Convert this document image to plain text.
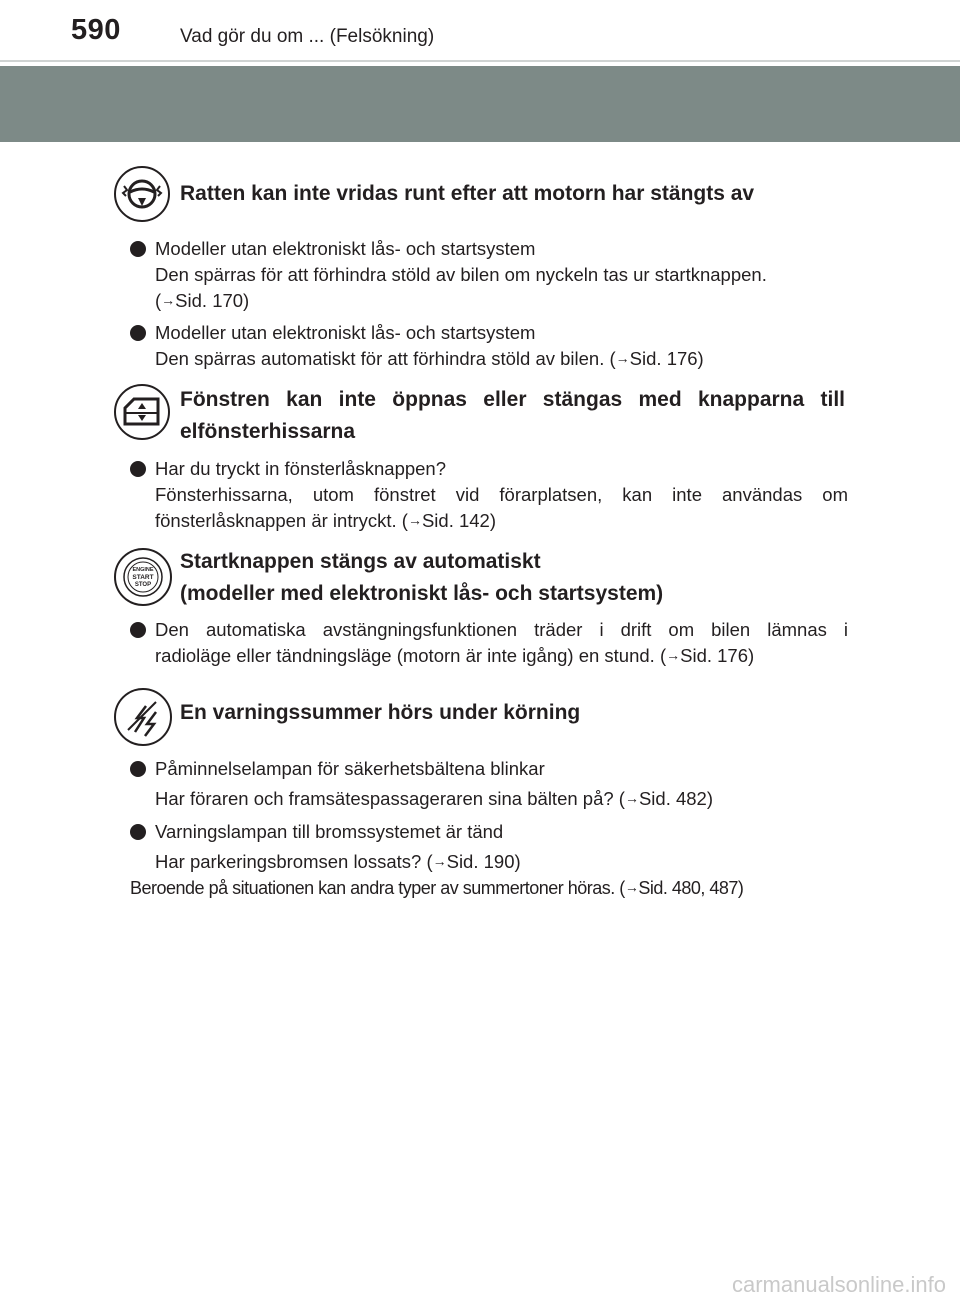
590	Vad gör du om ... (Felsökning)
Ratten kan inte vridas runt efter att motorn har stängts av
Modeller utan elektroniskt lås- och startsystem
Den spärras för att förhindra stöld av bilen om nyckeln tas ur startknappen.
(→Sid. 170)
Modeller utan elektroniskt lås- och startsystem
Den spärras automatiskt för att förhindra stöld av bilen. (→Sid. 176)
Fönstren kan inte öppnas eller stängas med knapparna till
elfönsterhissarna
Har du tryckt in fönsterlåsknappen?
Fönsterhissarna, utom fönstret vid förarplatsen, kan inte användas om
fönsterlåsknappen är intryckt. (→Sid. 142)
ENGINE
START
STOP
Startknappen stängs av automatiskt
(modeller med elektroniskt lås- och startsystem)
Den automatiska avstängningsfunktionen träder i drift om bilen lämnas i
radioläge eller tändningsläge (motorn är inte igång) en stund. (→Sid. 176)
En varningssummer hörs under körning
Påminnelselampan för säkerhetsbältena blinkar
Har föraren och framsätespassageraren sina bälten på? (→Sid. 482)
Varningslampan till bromssystemet är tänd
Har parkeringsbromsen lossats? (→Sid. 190)
Beroende på situationen kan andra typer av summertoner höras. (→Sid. 480, 487)
carmanualsonline.info
